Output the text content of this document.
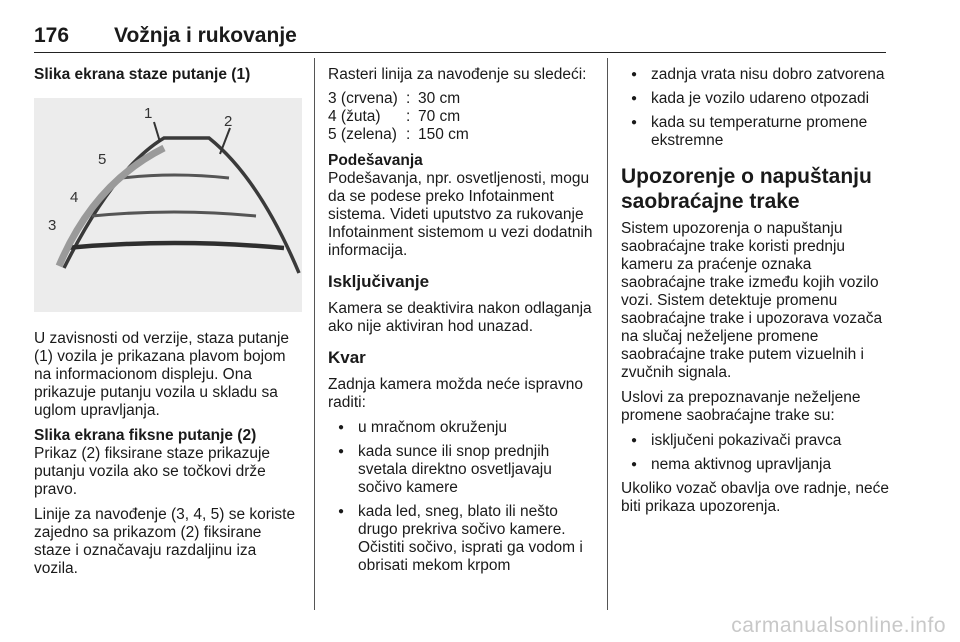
176 Vožnja i rukovanje

Slika ekrana staze putanje (1)

1	2
3
4
5

U zavisnosti od verzije, staza putanje (1) vozila je prikazana plavom bojom na informacionom displeju. Ona prikazuje putanju vozila u skladu sa uglom upravljanja.

Slika ekrana fiksne putanje (2)

Prikaz (2) fiksirane staze prikazuje putanju vozila ako se točkovi drže pravo.

Linije za navođenje (3, 4, 5) se koriste zajedno sa prikazom (2) fiksirane staze i označavaju razdaljinu iza vozila.

Rasteri linija za navođenje su sledeći:

3 (crvena) : 30 cm
4 (žuta)	: 70 cm
5 (zelena) : 150 cm

Podešavanja

Podešavanja, npr. osvetljenosti, mogu da se podese preko Infotainment sistema. Videti uputstvo za rukovanje Infotainment sistemom u vezi dodatnih informacija.

Isključivanje

Kamera se deaktivira nakon odlaganja ako nije aktiviran hod unazad.

Kvar

Zadnja kamera možda neće ispravno raditi:

● u mračnom okruženju
● kada sunce ili snop prednjih svetala direktno osvetljavaju sočivo kamere
● kada led, sneg, blato ili nešto drugo prekriva sočivo kamere. Očistiti sočivo, isprati ga vodom i obrisati mekom krpom
● zadnja vrata nisu dobro zatvorena
● kada je vozilo udareno otpozadi
● kada su temperaturne promene ekstremne
Upozorenje o napuštanju saobraćajne trake

Sistem upozorenja o napuštanju saobraćajne trake koristi prednju kameru za praćenje oznaka saobraćajne trake između kojih vozilo vozi. Sistem detektuje promenu saobraćajne trake i upozorava vozača na slučaj neželjene promene saobraćajne trake putem vizuelnih i zvučnih signala.

Uslovi za prepoznavanje neželjene promene saobraćajne trake su:

● isključeni pokazivači pravca
● nema aktivnog upravljanja

Ukoliko vozač obavlja ove radnje, neće biti prikaza upozorenja.

carmanualsonline.info
